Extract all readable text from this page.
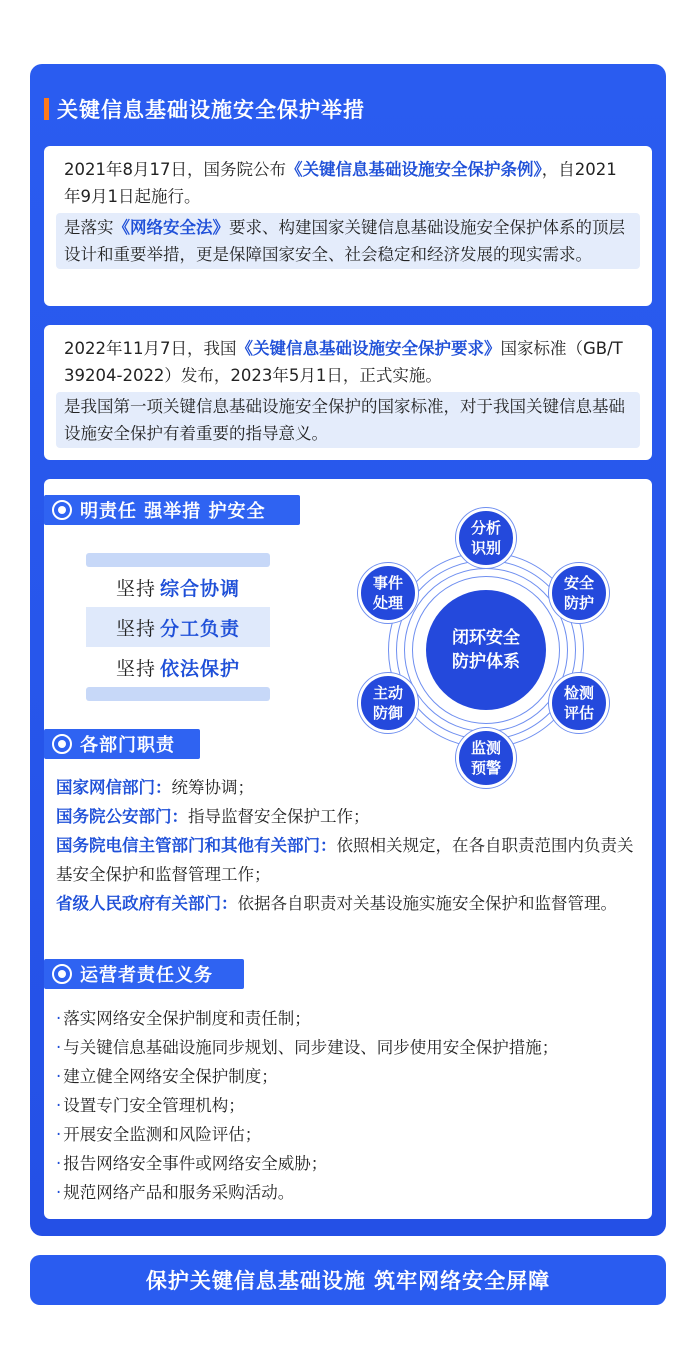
关键信息基础设施安全保护举措
2021年8月17日，国务院公布《关键信息基础设施安全保护条例》，自2021年9月1日起施行。
是落实《网络安全法》要求、构建国家关键信息基础设施安全保护体系的顶层设计和重要举措，更是保障国家安全、社会稳定和经济发展的现实需求。
2022年11月7日，我国《关键信息基础设施安全保护要求》国家标准（GB/T 39204-2022）发布，2023年5月1日，正式实施。
是我国第一项关键信息基础设施安全保护的国家标准，对于我国关键信息基础设施安全保护有着重要的指导意义。
明责任 强举措 护安全
坚持 综合协调
坚持 分工负责
坚持 依法保护
闭环安全防护体系
分析识别
安全防护
检测评估
监测预警
主动防御
事件处理
各部门职责
国家网信部门：统筹协调；
国务院公安部门：指导监督安全保护工作；
国务院电信主管部门和其他有关部门：依照相关规定，在各自职责范围内负责关基安全保护和监督管理工作；
省级人民政府有关部门：依据各自职责对关基设施实施安全保护和监督管理。
运营者责任义务
· 落实网络安全保护制度和责任制；
· 与关键信息基础设施同步规划、同步建设、同步使用安全保护措施；
· 建立健全网络安全保护制度；
· 设置专门安全管理机构；
· 开展安全监测和风险评估；
· 报告网络安全事件或网络安全威胁；
· 规范网络产品和服务采购活动。
保护关键信息基础设施 筑牢网络安全屏障
